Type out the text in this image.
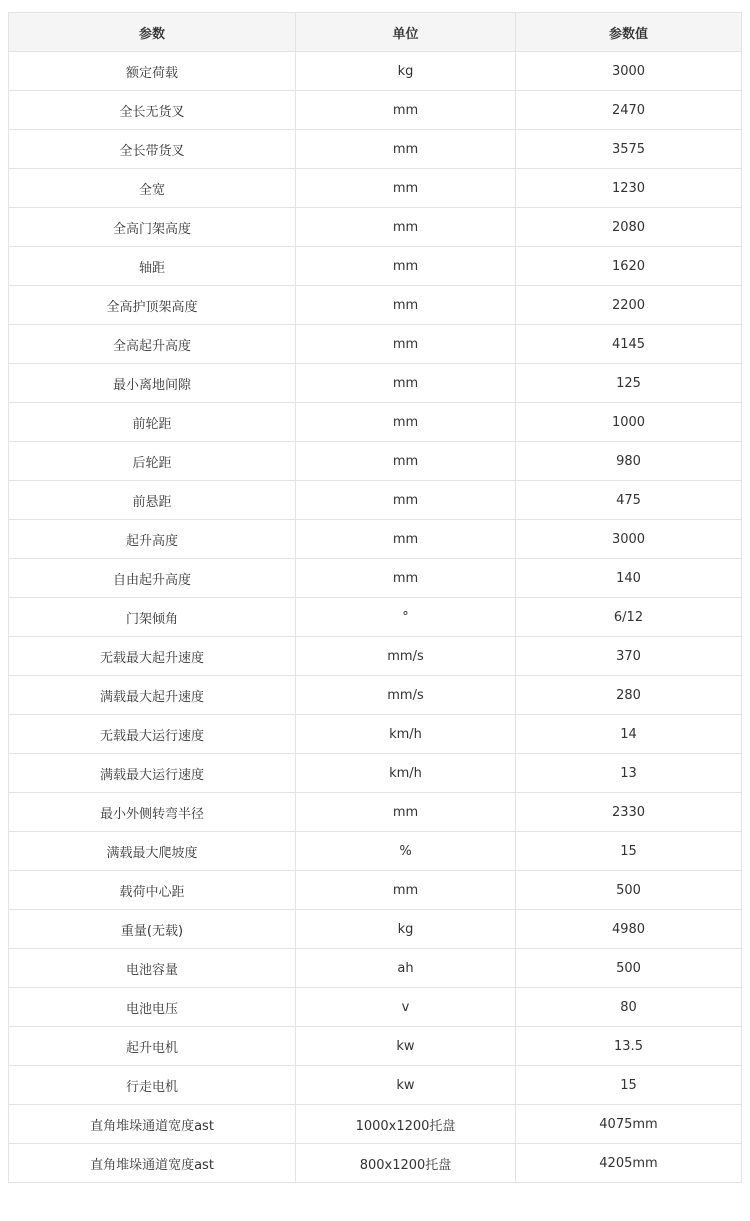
参数	单位	参数值
额定荷载	kg	3000
全长无货叉	mm	2470
全长带货叉	mm	3575
全宽	mm	1230
全高门架高度	mm	2080
轴距	mm	1620
全高护顶架高度	mm	2200
全高起升高度	mm	4145
最小离地间隙	mm	125
前轮距	mm	1000
后轮距	mm	980
前悬距	mm	475
起升高度	mm	3000
自由起升高度	mm	140
门架倾角	°	6/12
无载最大起升速度	mm/s	370
满载最大起升速度	mm/s	280
无载最大运行速度	km/h	14
满载最大运行速度	km/h	13
最小外侧转弯半径	mm	2330
满载最大爬坡度	%	15
载荷中心距	mm	500
重量(无载)	kg	4980
电池容量	ah	500
电池电压	v	80
起升电机	kw	13.5
行走电机	kw	15
直角堆垛通道宽度ast	1000x1200托盘	4075mm
直角堆垛通道宽度ast	800x1200托盘	4205mm
